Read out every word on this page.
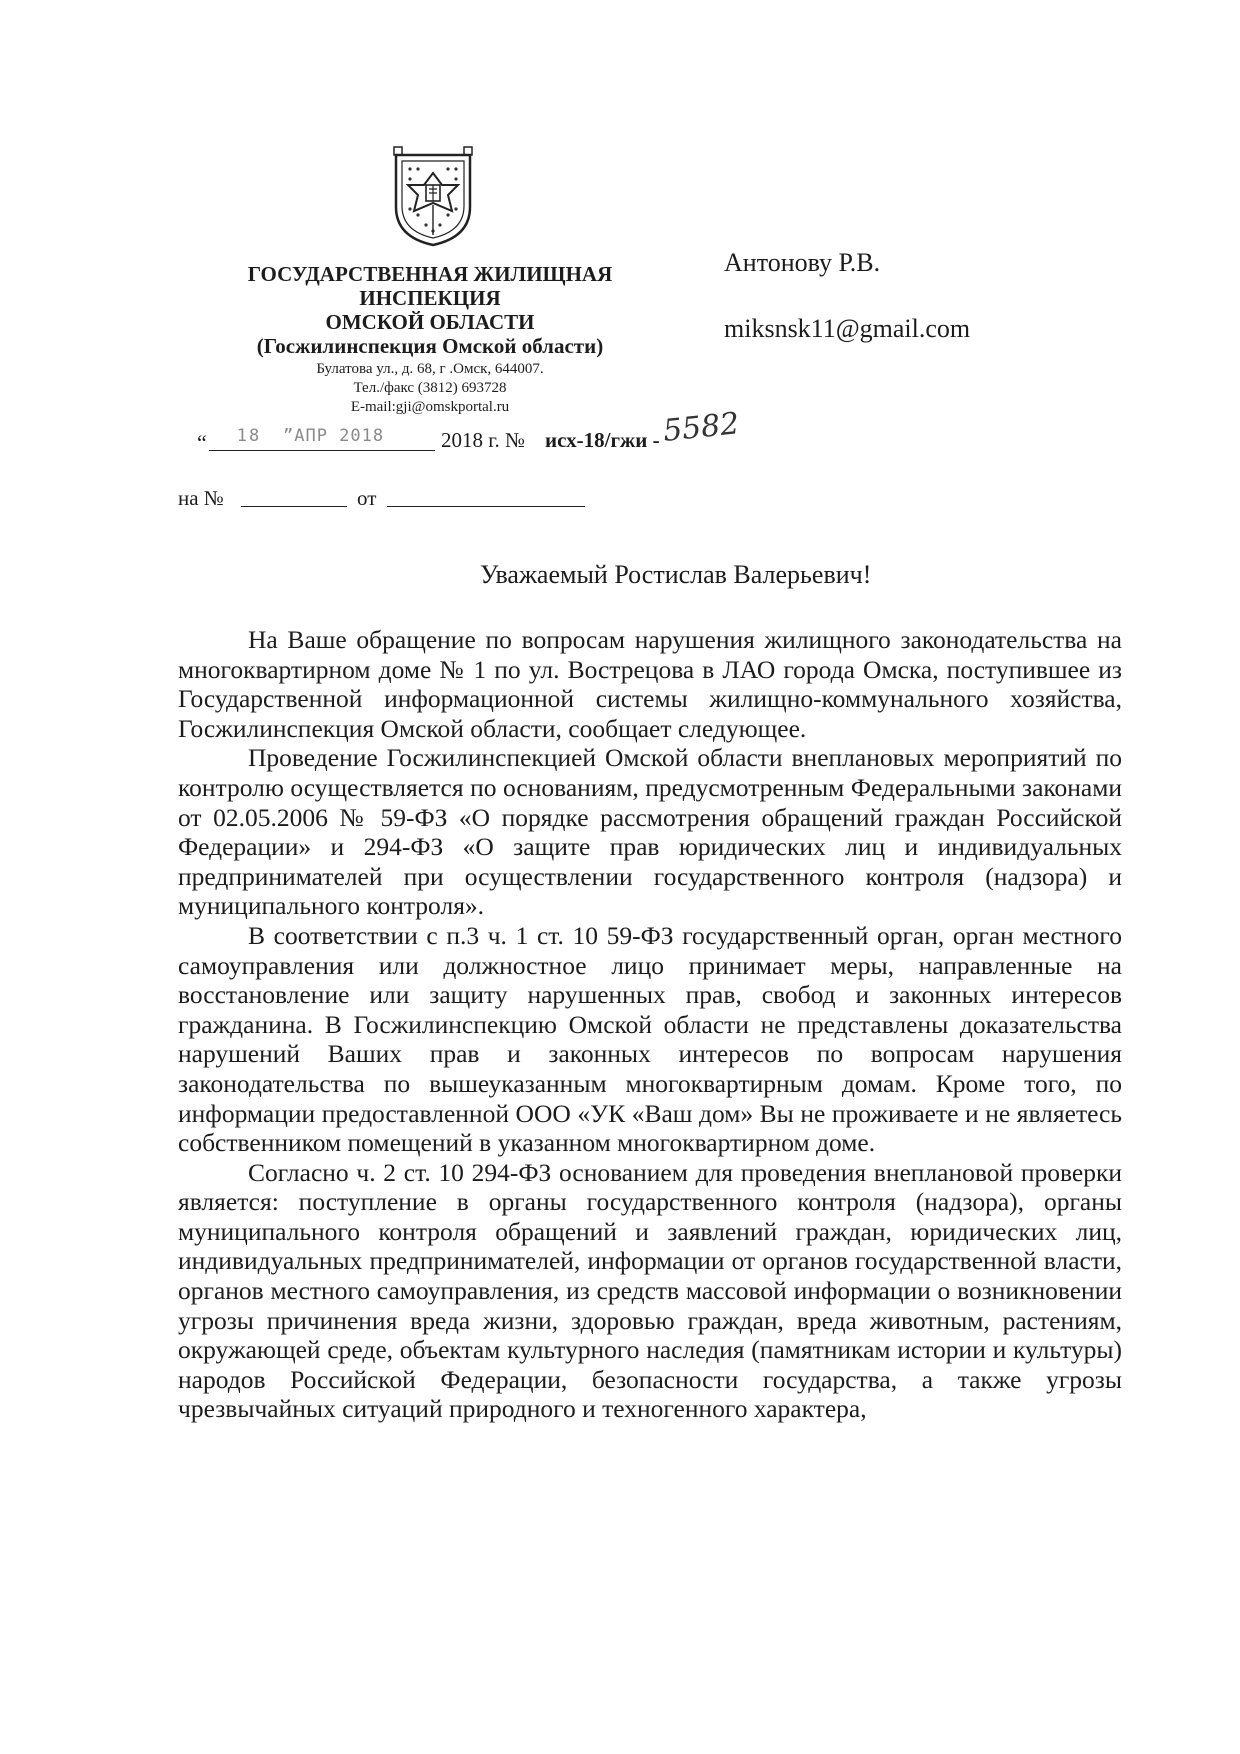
ГОСУДАРСТВЕННАЯ ЖИЛИЩНАЯ
ИНСПЕКЦИЯ
ОМСКОЙ ОБЛАСТИ
(Госжилинспекция Омской области)
Булатова ул., д. 68, г .Омск, 644007.
Тел./факс (3812) 693728
E-mail:gji@omskportal.ru
“	18	”АПР 2018	2018 г. № исх-18/гжи - 5582
на №	от
Антонову Р.В.
miksnsk11@gmail.com
Уважаемый Ростислав Валерьевич!

На Ваше обращение по вопросам нарушения жилищного законодательства на многоквартирном доме № 1 по ул. Вострецова в ЛАО города Омска, поступившее из Государственной информационной системы жилищно-коммунального хозяйства, Госжилинспекция Омской области, сообщает следующее.

Проведение Госжилинспекцией Омской области внеплановых мероприятий по контролю осуществляется по основаниям, предусмотренным Федеральными законами от 02.05.2006 № 59-ФЗ «О порядке рассмотрения обращений граждан Российской Федерации» и 294-ФЗ «О защите прав юридических лиц и индивидуальных предпринимателей при осуществлении государственного контроля (надзора) и муниципального контроля».

В соответствии с п.3 ч. 1 ст. 10 59-ФЗ государственный орган, орган местного самоуправления или должностное лицо принимает меры, направленные на восстановление или защиту нарушенных прав, свобод и законных интересов гражданина. В Госжилинспекцию Омской области не представлены доказательства нарушений Ваших прав и законных интересов по вопросам нарушения законодательства по вышеуказанным многоквартирным домам. Кроме того, по информации предоставленной ООО «УК «Ваш дом» Вы не проживаете и не являетесь собственником помещений в указанном многоквартирном доме.

Согласно ч. 2 ст. 10 294-ФЗ основанием для проведения внеплановой проверки является: поступление в органы государственного контроля (надзора), органы муниципального контроля обращений и заявлений граждан, юридических лиц, индивидуальных предпринимателей, информации от органов государственной власти, органов местного самоуправления, из средств массовой информации о возникновении угрозы причинения вреда жизни, здоровью граждан, вреда животным, растениям, окружающей среде, объектам культурного наследия (памятникам истории и культуры) народов Российской Федерации, безопасности государства, а также угрозы чрезвычайных ситуаций природного и техногенного характера,
